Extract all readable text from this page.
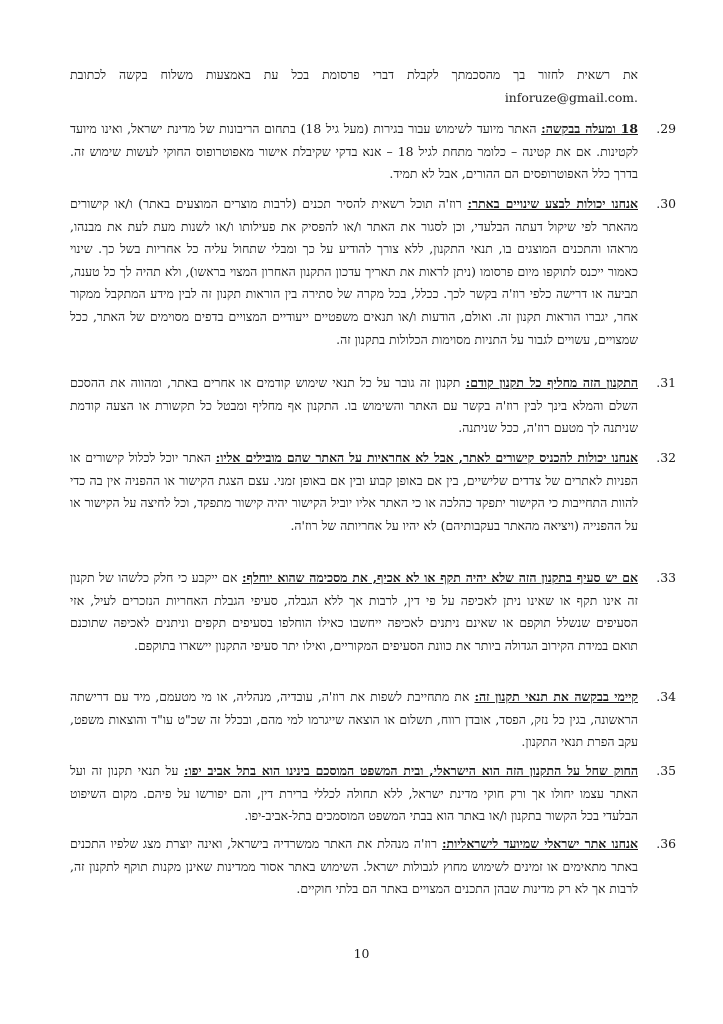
את רשאית לחזור בך מהסכמתך לקבלת דברי פרסומת בכל עת באמצעות משלוח בקשה לכתובת inforuze@gmail.com.
.29
18 ומעלה בבקשה: האתר מיועד לשימוש עבור בגירות (מעל גיל 18) בתחום הריבונות של מדינת ישראל, ואינו מיועד לקטינות. אם את קטינה – כלומר מתחת לגיל 18 – אנא בדקי שקיבלת אישור מאפוטרופוס החוקי לעשות שימוש זה. בדרך כלל האפוטרופסים הם ההורים, אבל לא תמיד.
.30
אנחנו יכולות לבצע שינויים באתר: רוז'ה תוכל רשאית להסיר תכנים (לרבות מוצרים המוצעים באתר) ו/או קישורים מהאתר לפי שיקול דעתה הבלעדי, וכן לסגור את האתר ו/או להפסיק את פעילותו ו/או לשנות מעת לעת את מבנהו, מראהו והתכנים המוצגים בו, תנאי התקנון, ללא צורך להודיע על כך ומבלי שתחול עליה כל אחריות בשל כך. שינוי כאמור ייכנס לתוקפו מיום פרסומו (ניתן לראות את תאריך עדכון התקנון האחרון המצוי בראשו), ולא תהיה לך כל טענה, תביעה או דרישה כלפי רוז'ה בקשר לכך. ככלל, בכל מקרה של סתירה בין הוראות תקנון זה לבין מידע המתקבל ממקור אחר, יגברו הוראות תקנון זה. ואולם, הודעות ו/או תנאים משפטיים ייעודיים המצויים בדפים מסוימים של האתר, ככל שמצויים, עשויים לגבור על התניות מסוימות הכלולות בתקנון זה.
.31
התקנון הזה מחליף כל תקנון קודם: תקנון זה גובר על כל תנאי שימוש קודמים או אחרים באתר, ומהווה את ההסכם השלם והמלא בינך לבין רוז'ה בקשר עם האתר והשימוש בו. התקנון אף מחליף ומבטל כל תקשורת או הצעה קודמת שניתנה לך מטעם רוז'ה, ככל שניתנה.
.32
אנחנו יכולות להכניס קישורים לאתר, אבל לא אחראיות על האתר שהם מובילים אליו: האתר יוכל לכלול קישורים או הפניות לאתרים של צדדים שלישיים, בין אם באופן קבוע ובין אם באופן זמני. עצם הצגת הקישור או ההפניה אין בה כדי להוות התחייבות כי הקישור יתפקד כהלכה או כי האתר אליו יוביל הקישור יהיה קישור מתפקד, וכל לחיצה על הקישור או על ההפנייה (ויציאה מהאתר בעקבותיהם) לא יהיו על אחריותה של רוז'ה.
.33
אם יש סעיף בתקנון הזה שלא יהיה תקף או לא אכיף, את מסכימה שהוא יוחלף: אם ייקבע כי חלק כלשהו של תקנון זה אינו תקף או שאינו ניתן לאכיפה על פי דין, לרבות אך ללא הגבלה, סעיפי הגבלת האחריות הנזכרים לעיל, אזי הסעיפים שנשלל תוקפם או שאינם ניתנים לאכיפה ייחשבו כאילו הוחלפו בסעיפים תקפים וניתנים לאכיפה שתוכנם תואם במידת הקירוב הגדולה ביותר את כוונת הסעיפים המקוריים, ואילו יתר סעיפי התקנון יישארו בתוקפם.
.34
קיימי בבקשה את תנאי תקנון זה: את מתחייבת לשפות את רוז'ה, עובדיה, מנהליה, או מי מטעמם, מיד עם דרישתה הראשונה, בגין כל נזק, הפסד, אובדן רווח, תשלום או הוצאה שייגרמו למי מהם, ובכלל זה שכ"ט עו"ד והוצאות משפט, עקב הפרת תנאי התקנון.
.35
החוק שחל על התקנון הזה הוא הישראלי, ובית המשפט המוסכם בינינו הוא בתל אביב יפו: על תנאי תקנון זה ועל האתר עצמו יחולו אך ורק חוקי מדינת ישראל, ללא תחולה לכללי ברירת דין, והם יפורשו על פיהם. מקום השיפוט הבלעדי בכל הקשור בתקנון ו/או באתר הוא בבתי המשפט המוסמכים בתל-אביב-יפו.
.36
אנחנו אתר ישראלי שמיועד לישראליות: רוז'ה מנהלת את האתר ממשרדיה בישראל, ואינה יוצרת מצג שלפיו התכנים באתר מתאימים או זמינים לשימוש מחוץ לגבולות ישראל. השימוש באתר אסור ממדינות שאינן מקנות תוקף לתקנון זה, לרבות אך לא רק מדינות שבהן התכנים המצויים באתר הם בלתי חוקיים.
10
